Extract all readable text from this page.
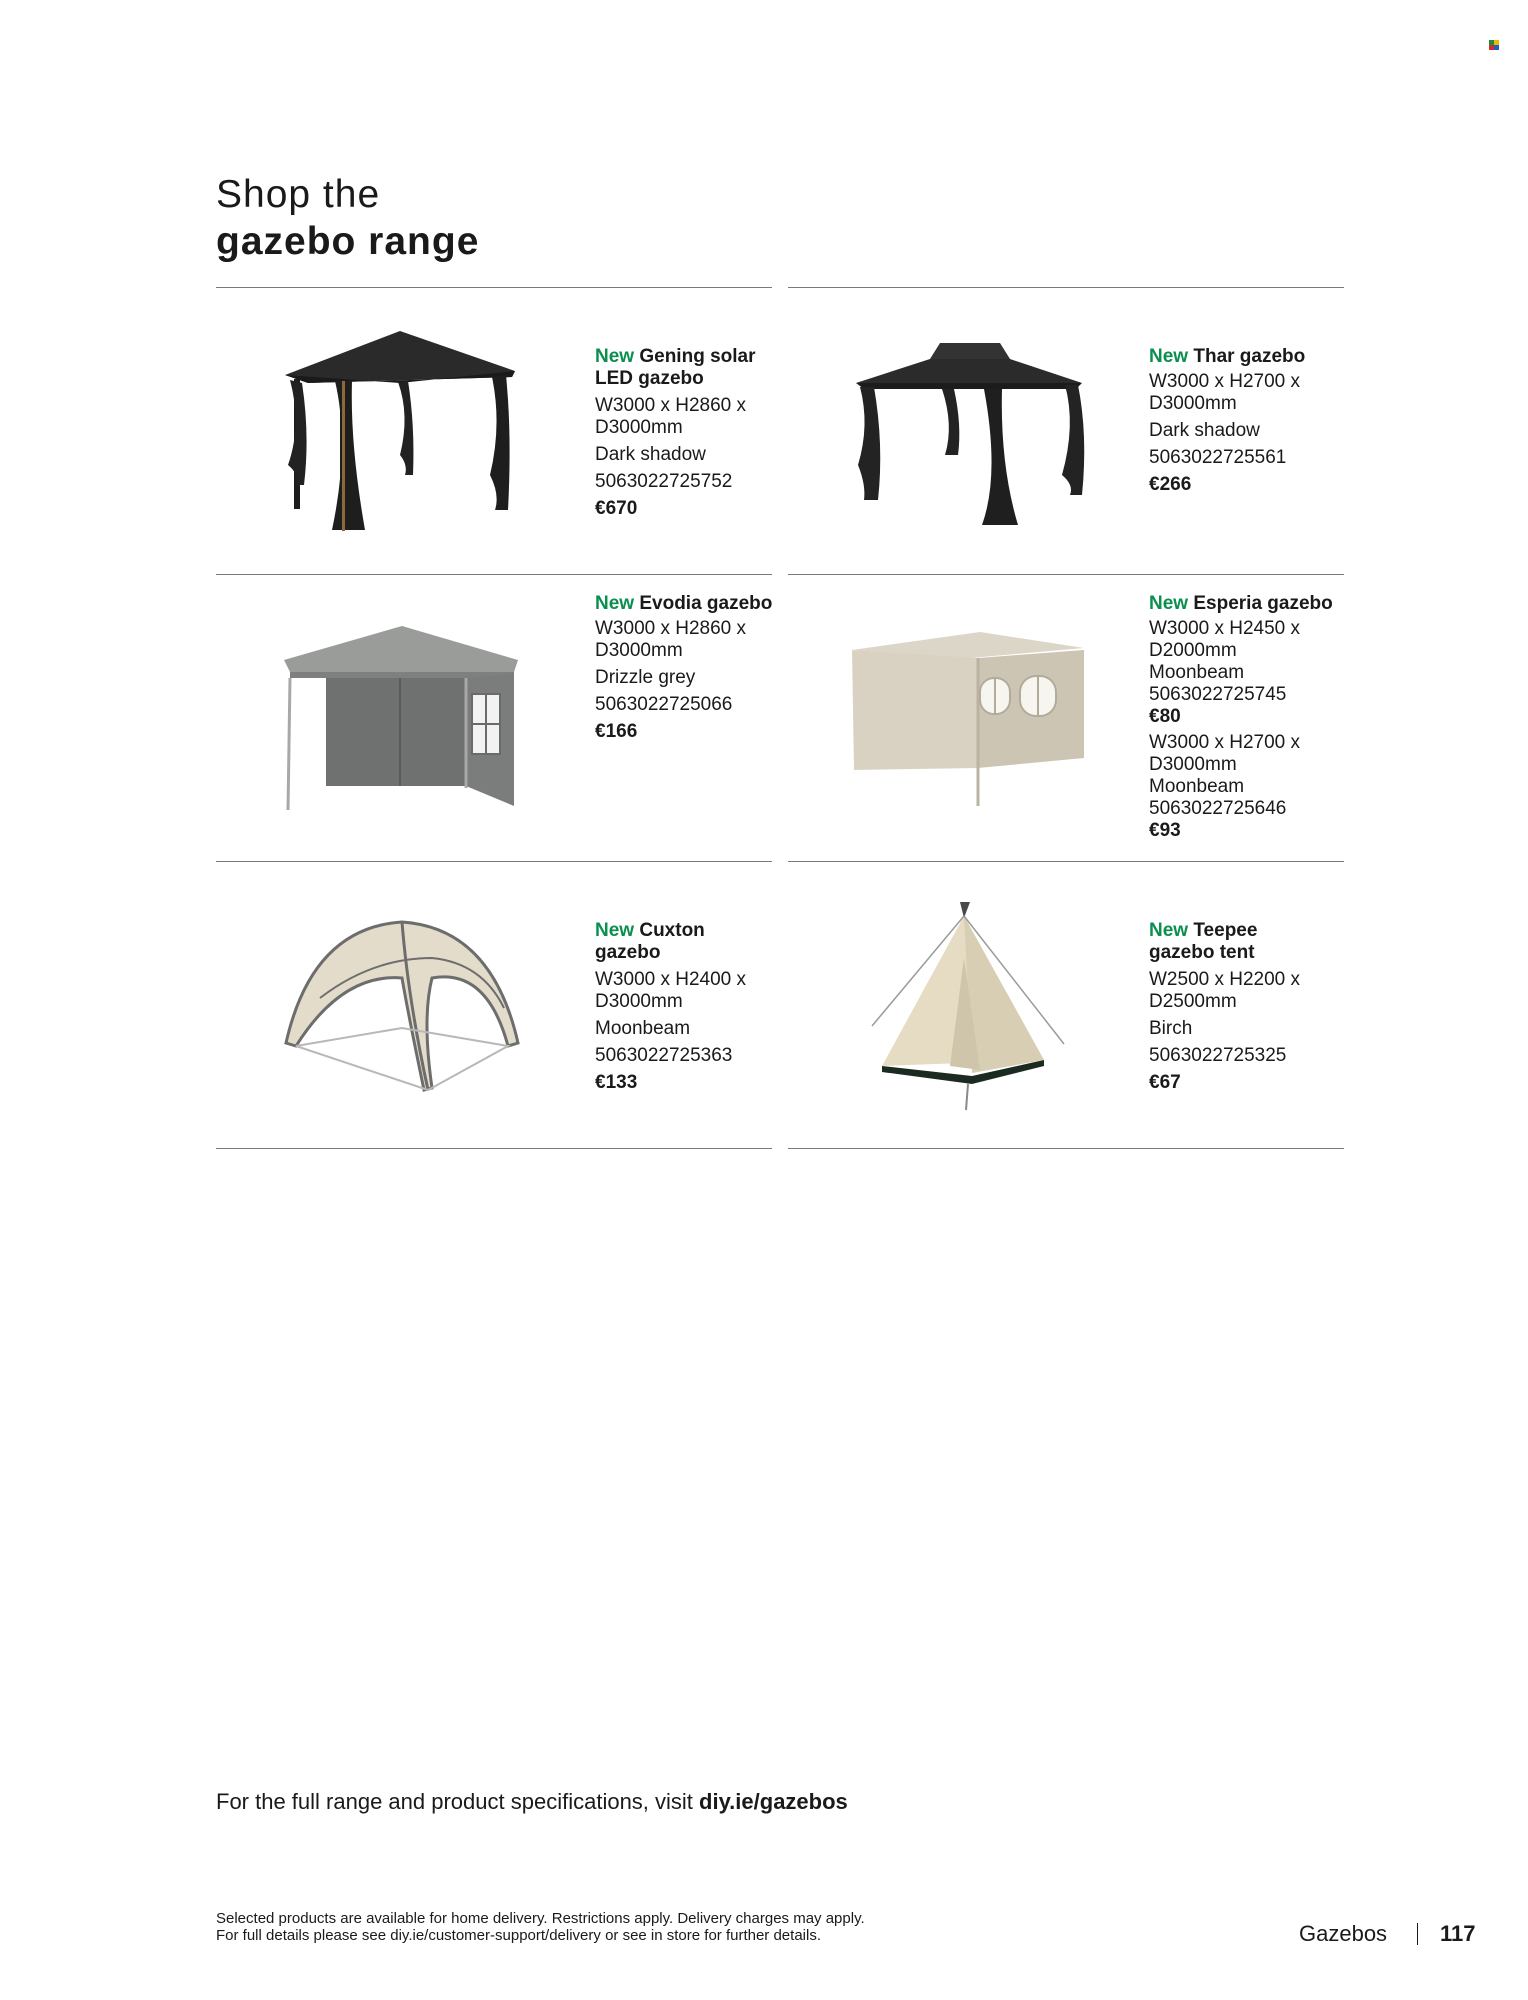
Shop the
gazebo range
New Gening solar
LED gazebo
W3000 x H2860 x
D3000mm
Dark shadow
5063022725752
€670
New Thar gazebo
W3000 x H2700 x
D3000mm
Dark shadow
5063022725561
€266
New Evodia gazebo
W3000 x H2860 x
D3000mm
Drizzle grey
5063022725066
€166
New Esperia gazebo
W3000 x H2450 x
D2000mm
Moonbeam
5063022725745
€80
W3000 x H2700 x
D3000mm
Moonbeam
5063022725646
€93
New Cuxton
gazebo
W3000 x H2400 x
D3000mm
Moonbeam
5063022725363
€133
New Teepee
gazebo tent
W2500 x H2200 x
D2500mm
Birch
5063022725325
€67
For the full range and product specifications, visit diy.ie/gazebos
Selected products are available for home delivery. Restrictions apply. Delivery charges may apply.
For full details please see diy.ie/customer-support/delivery or see in store for further details.	Gazebos 117
